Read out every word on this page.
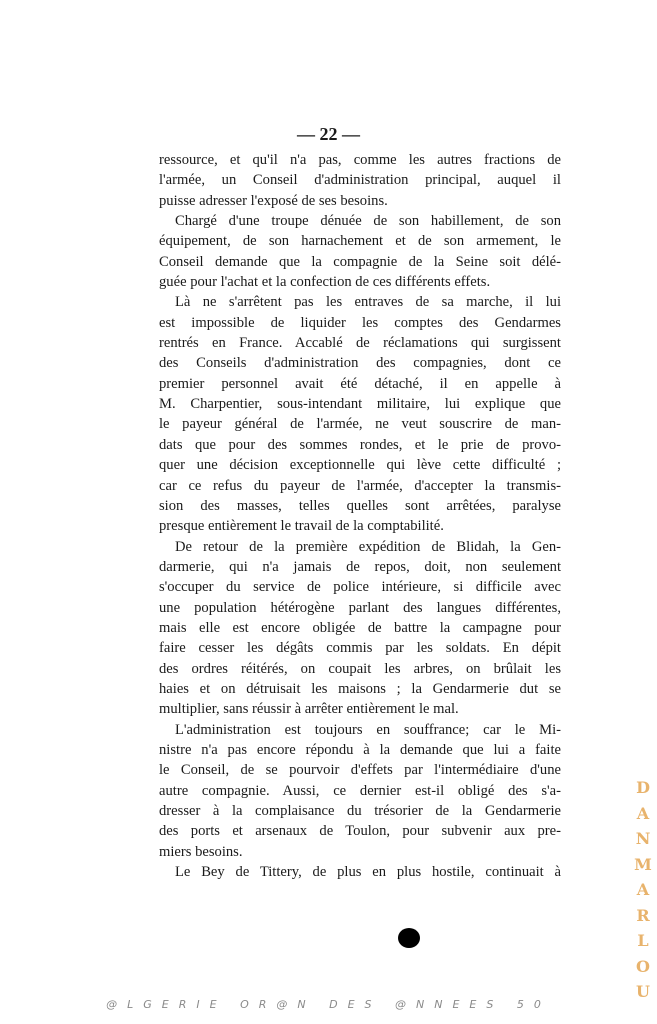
— 22 —
ressource, et qu'il n'a pas, comme les autres fractions de
l'armée, un Conseil d'administration principal, auquel il
puisse adresser l'exposé de ses besoins.
Chargé d'une troupe dénuée de son habillement, de son
équipement, de son harnachement et de son armement, le
Conseil demande que la compagnie de la Seine soit délé-
guée pour l'achat et la confection de ces différents effets.
Là ne s'arrêtent pas les entraves de sa marche, il lui
est impossible de liquider les comptes des Gendarmes
rentrés en France. Accablé de réclamations qui surgissent
des Conseils d'administration des compagnies, dont ce
premier personnel avait été détaché, il en appelle à
M. Charpentier, sous-intendant militaire, lui explique que
le payeur général de l'armée, ne veut souscrire de man-
dats que pour des sommes rondes, et le prie de provo-
quer une décision exceptionnelle qui lève cette difficulté ;
car ce refus du payeur de l'armée, d'accepter la transmis-
sion des masses, telles quelles sont arrêtées, paralyse
presque entièrement le travail de la comptabilité.
De retour de la première expédition de Blidah, la Gen-
darmerie, qui n'a jamais de repos, doit, non seulement
s'occuper du service de police intérieure, si difficile avec
une population hétérogène parlant des langues différentes,
mais elle est encore obligée de battre la campagne pour
faire cesser les dégâts commis par les soldats. En dépit
des ordres réitérés, on coupait les arbres, on brûlait les
haies et on détruisait les maisons ; la Gendarmerie dut se
multiplier, sans réussir à arrêter entièrement le mal.
L'administration est toujours en souffrance; car le Mi-
nistre n'a pas encore répondu à la demande que lui a faite
le Conseil, de se pourvoir d'effets par l'intermédiaire d'une
autre compagnie. Aussi, ce dernier est-il obligé des s'a-
dresser à la complaisance du trésorier de la Gendarmerie
des ports et arsenaux de Toulon, pour subvenir aux pre-
miers besoins.
Le Bey de Tittery, de plus en plus hostile, continuait à
DANMARLOU
@LGERIE OR@N DES @NNEES 50
